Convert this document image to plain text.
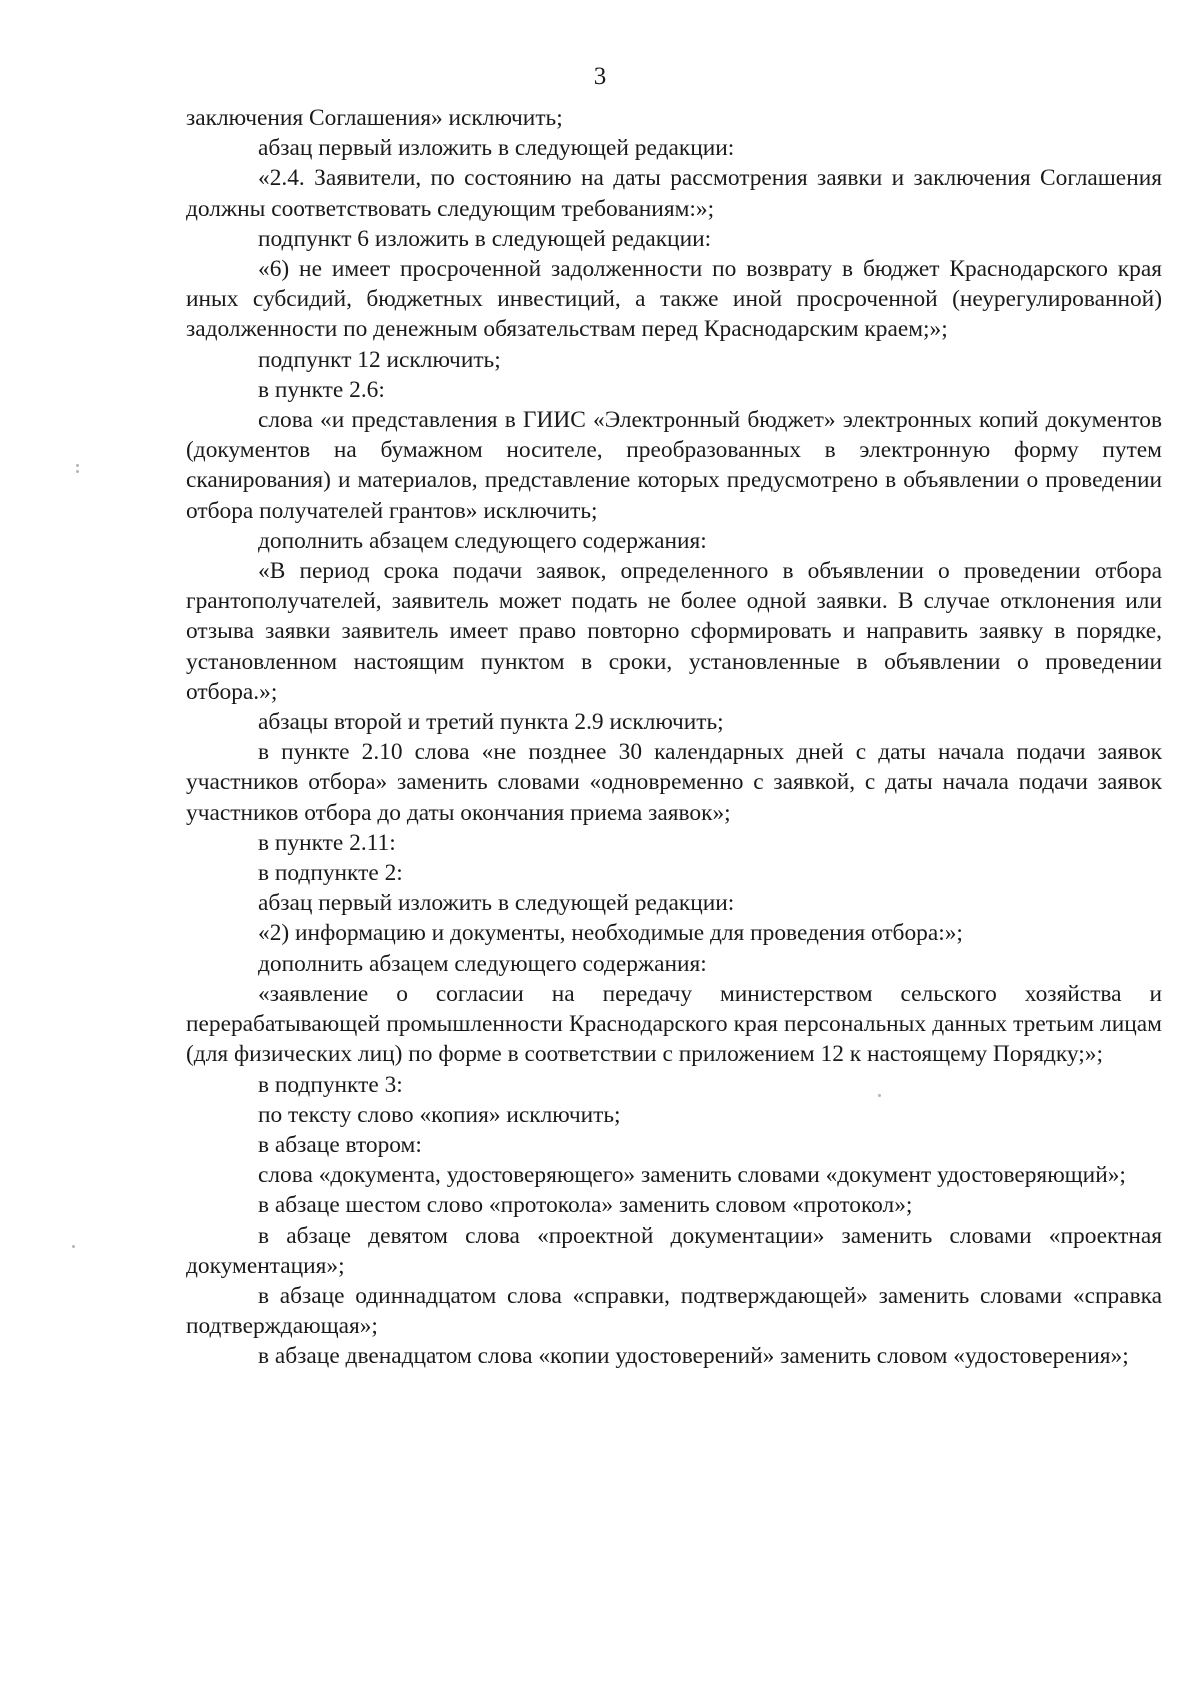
3

заключения Соглашения» исключить;

абзац первый изложить в следующей редакции:

«2.4. Заявители, по состоянию на даты рассмотрения заявки и заключения Соглашения должны соответствовать следующим требованиям:»;

подпункт 6 изложить в следующей редакции:

«6) не имеет просроченной задолженности по возврату в бюджет Краснодарского края иных субсидий, бюджетных инвестиций, а также иной просроченной (неурегулированной) задолженности по денежным обязательствам перед Краснодарским краем;»;

подпункт 12 исключить;

в пункте 2.6:

слова «и представления в ГИИС «Электронный бюджет» электронных копий документов (документов на бумажном носителе, преобразованных в электронную форму путем сканирования) и материалов, представление которых предусмотрено в объявлении о проведении отбора получателей грантов» исключить;

дополнить абзацем следующего содержания:

«В период срока подачи заявок, определенного в объявлении о проведении отбора грантополучателей, заявитель может подать не более одной заявки. В случае отклонения или отзыва заявки заявитель имеет право повторно сформировать и направить заявку в порядке, установленном настоящим пунктом в сроки, установленные в объявлении о проведении отбора.»;

абзацы второй и третий пункта 2.9 исключить;

в пункте 2.10 слова «не позднее 30 календарных дней с даты начала подачи заявок участников отбора» заменить словами «одновременно с заявкой, с даты начала подачи заявок участников отбора до даты окончания приема заявок»;

в пункте 2.11:

в подпункте 2:

абзац первый изложить в следующей редакции:

«2) информацию и документы, необходимые для проведения отбора:»;

дополнить абзацем следующего содержания:

«заявление о согласии на передачу министерством сельского хозяйства и перерабатывающей промышленности Краснодарского края персональных данных третьим лицам (для физических лиц) по форме в соответствии с приложением 12 к настоящему Порядку;»;

в подпункте 3:

по тексту слово «копия» исключить;

в абзаце втором:

слова «документа, удостоверяющего» заменить словами «документ удостоверяющий»;

в абзаце шестом слово «протокола» заменить словом «протокол»;

в абзаце девятом слова «проектной документации» заменить словами «проектная документация»;

в абзаце одиннадцатом слова «справки, подтверждающей» заменить словами «справка подтверждающая»;

в абзаце двенадцатом слова «копии удостоверений» заменить словом «удостоверения»;
